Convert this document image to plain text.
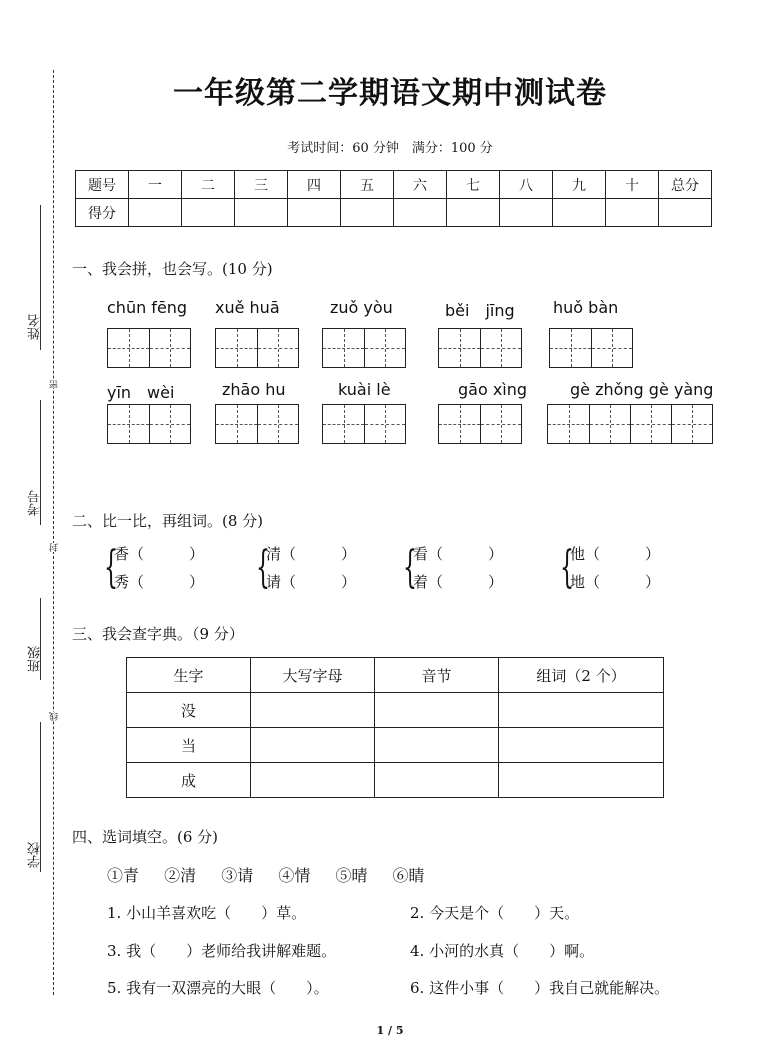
姓名
考号
班级
学校
密
封
线
一年级第二学期语文期中测试卷
考试时间：60 分钟　满分：100 分
题号	一	二	三	四	五	六	七	八	九	十	总分
得分											
一、我会拼，也会写。(10 分)
chūn fēng xuě huā	zuǒ yòu	běi　jīng huǒ bàn
yīn　wèi	zhāo hu	kuài lè	gāo xìng	gè zhǒng gè yàng
二、比一比，再组词。(8 分)
{
香（　　　）
秀（　　　） {
清（　　　）
请（　　　） {
看（　　　）
着（　　　） {
他（　　　）
地（　　　）
三、我会查字典。（9 分）
生字	大写字母	音节	组词（2 个）
没			
当			
成			
四、选词填空。(6 分)
①青 ②清 ③请 ④情 ⑤晴 ⑥睛
1. 小山羊喜欢吃（　　）草。	2. 今天是个（　　）天。
3. 我（　　）老师给我讲解难题。	4. 小河的水真（　　）啊。
5. 我有一双漂亮的大眼（　　）。	6. 这件小事（　　）我自己就能解决。
1 / 5
